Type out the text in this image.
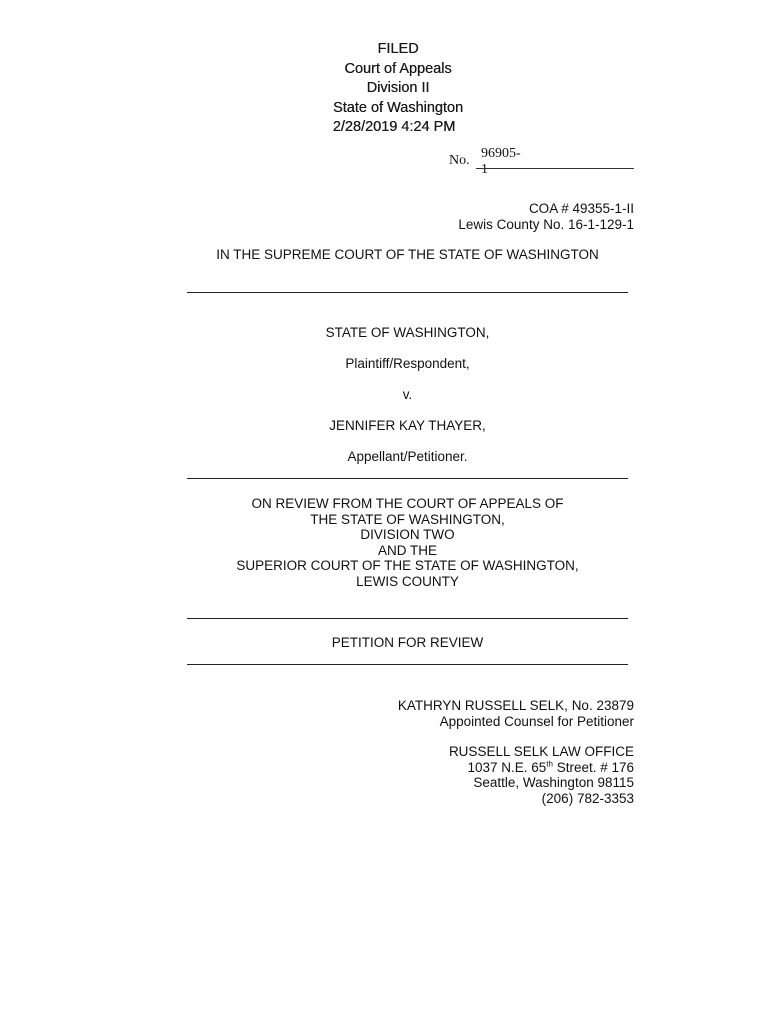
FILED
Court of Appeals
Division II
State of Washington
2/28/2019 4:24 PM
No. 96905-1
COA # 49355-1-II
Lewis County No. 16-1-129-1
IN THE SUPREME COURT OF THE STATE OF WASHINGTON
STATE OF WASHINGTON,
Plaintiff/Respondent,
v.
JENNIFER KAY THAYER,
Appellant/Petitioner.
ON REVIEW FROM THE COURT OF APPEALS OF
THE STATE OF WASHINGTON,
DIVISION TWO
AND THE
SUPERIOR COURT OF THE STATE OF WASHINGTON,
LEWIS COUNTY
PETITION FOR REVIEW
KATHRYN RUSSELL SELK, No. 23879
Appointed Counsel for Petitioner
RUSSELL SELK LAW OFFICE
1037 N.E. 65th Street. # 176
Seattle, Washington 98115
(206) 782-3353
